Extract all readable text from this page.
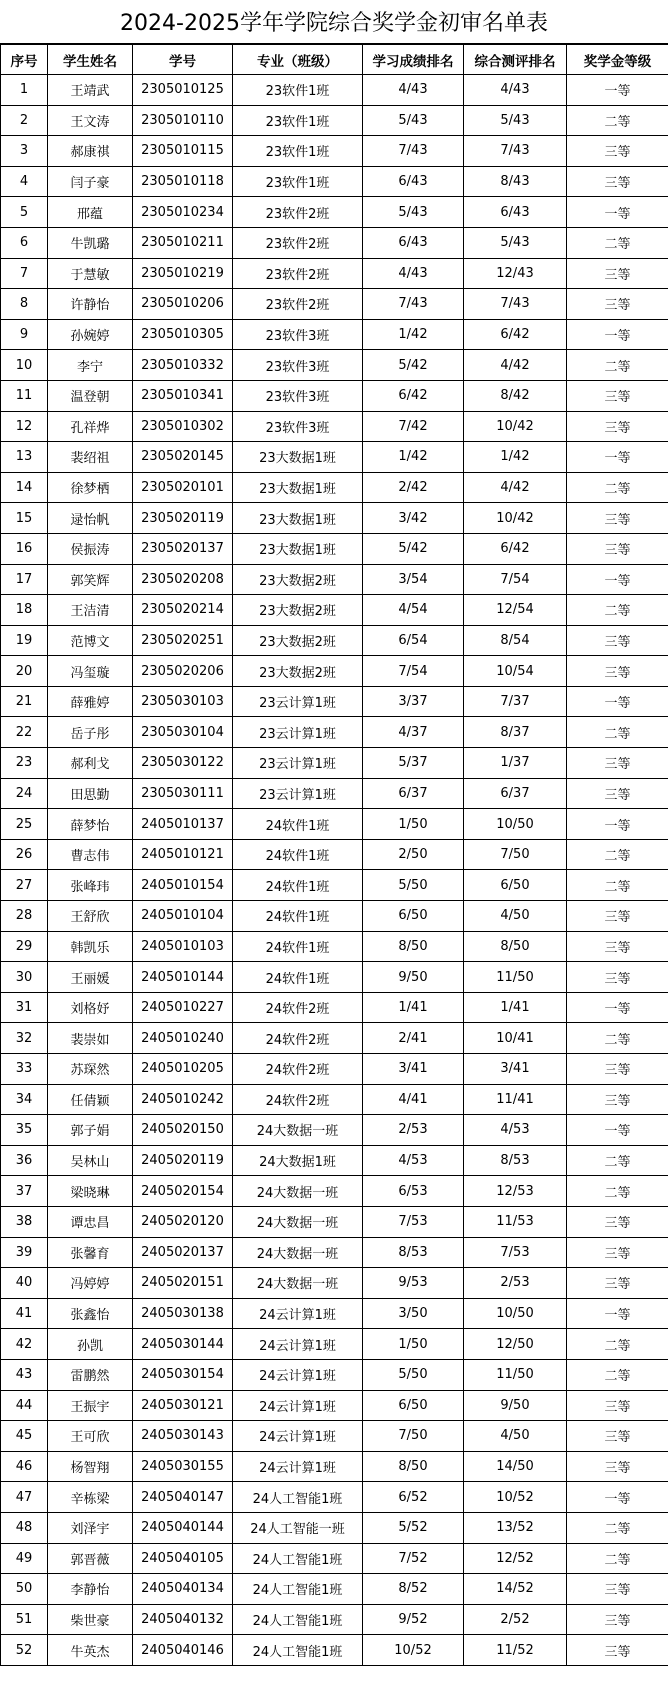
2024-2025学年学院综合奖学金初审名单表
序号	学生姓名	学号	专业（班级）	学习成绩排名	综合测评排名	奖学金等级
1	王靖武	2305010125	23软件1班	4/43	4/43	一等
2	王文涛	2305010110	23软件1班	5/43	5/43	二等
3	郝康祺	2305010115	23软件1班	7/43	7/43	三等
4	闫子豪	2305010118	23软件1班	6/43	8/43	三等
5	邢蕴	2305010234	23软件2班	5/43	6/43	一等
6	牛凯璐	2305010211	23软件2班	6/43	5/43	二等
7	于慧敏	2305010219	23软件2班	4/43	12/43	三等
8	许静怡	2305010206	23软件2班	7/43	7/43	三等
9	孙婉婷	2305010305	23软件3班	1/42	6/42	一等
10	李宁	2305010332	23软件3班	5/42	4/42	二等
11	温登朝	2305010341	23软件3班	6/42	8/42	三等
12	孔祥烨	2305010302	23软件3班	7/42	10/42	三等
13	裴绍祖	2305020145	23大数据1班	1/42	1/42	一等
14	徐梦栖	2305020101	23大数据1班	2/42	4/42	二等
15	逯怡帆	2305020119	23大数据1班	3/42	10/42	三等
16	侯振涛	2305020137	23大数据1班	5/42	6/42	三等
17	郭笑辉	2305020208	23大数据2班	3/54	7/54	一等
18	王洁清	2305020214	23大数据2班	4/54	12/54	二等
19	范博文	2305020251	23大数据2班	6/54	8/54	三等
20	冯玺璇	2305020206	23大数据2班	7/54	10/54	三等
21	薛雅婷	2305030103	23云计算1班	3/37	7/37	一等
22	岳子彤	2305030104	23云计算1班	4/37	8/37	二等
23	郝利戈	2305030122	23云计算1班	5/37	1/37	三等
24	田思勤	2305030111	23云计算1班	6/37	6/37	三等
25	薛梦怡	2405010137	24软件1班	1/50	10/50	一等
26	曹志伟	2405010121	24软件1班	2/50	7/50	二等
27	张峰玮	2405010154	24软件1班	5/50	6/50	二等
28	王舒欣	2405010104	24软件1班	6/50	4/50	三等
29	韩凯乐	2405010103	24软件1班	8/50	8/50	三等
30	王丽媛	2405010144	24软件1班	9/50	11/50	三等
31	刘格妤	2405010227	24软件2班	1/41	1/41	一等
32	裴崇如	2405010240	24软件2班	2/41	10/41	二等
33	苏琛然	2405010205	24软件2班	3/41	3/41	三等
34	任倩颖	2405010242	24软件2班	4/41	11/41	三等
35	郭子娟	2405020150	24大数据一班	2/53	4/53	一等
36	吴林山	2405020119	24大数据1班	4/53	8/53	二等
37	梁晓琳	2405020154	24大数据一班	6/53	12/53	二等
38	谭忠昌	2405020120	24大数据一班	7/53	11/53	三等
39	张馨育	2405020137	24大数据一班	8/53	7/53	三等
40	冯婷婷	2405020151	24大数据一班	9/53	2/53	三等
41	张鑫怡	2405030138	24云计算1班	3/50	10/50	一等
42	孙凯	2405030144	24云计算1班	1/50	12/50	二等
43	雷鹏然	2405030154	24云计算1班	5/50	11/50	二等
44	王振宇	2405030121	24云计算1班	6/50	9/50	三等
45	王可欣	2405030143	24云计算1班	7/50	4/50	三等
46	杨智翔	2405030155	24云计算1班	8/50	14/50	三等
47	辛栋梁	2405040147	24人工智能1班	6/52	10/52	一等
48	刘泽宇	2405040144	24人工智能一班	5/52	13/52	二等
49	郭晋薇	2405040105	24人工智能1班	7/52	12/52	二等
50	李静怡	2405040134	24人工智能1班	8/52	14/52	三等
51	柴世豪	2405040132	24人工智能1班	9/52	2/52	三等
52	牛英杰	2405040146	24人工智能1班	10/52	11/52	三等
